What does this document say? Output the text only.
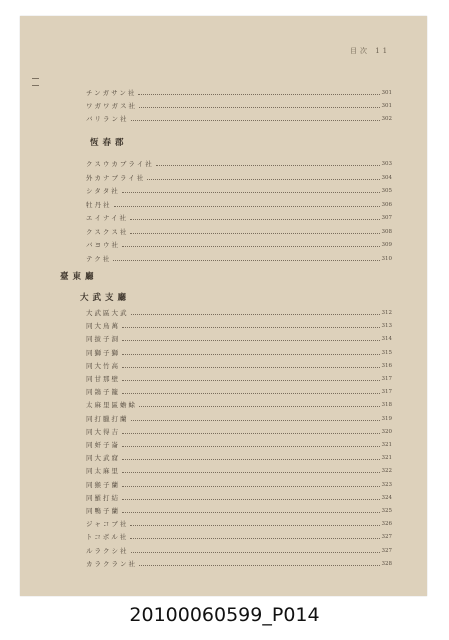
目次 11
恆春郡
臺東廳
大武支廳
チンガサン社	301
ワガワガス社	301
バリラン社	302
クスウカブライ社	303
外カナブライ社	304
シタタ社	305
牡丹社	306
エイナイ社	307
クスクス社	308
バヨウ社	309
テク社	310
大武區大武	312
同大鳥萬	313
同拔子洞	314
同獅子獅	315
同大竹高	316
同甘那壁	317
同鴿子籠	317
太麻里區蟾蜍	318
同打臘打蘭	319
同大得吉	320
同虷子崙	321
同大武窟	321
同太麻里	322
同猴子蘭	323
同羅打結	324
同鴨子蘭	325
ジャコブ社	326
トコボル社	327
ルラクシ社	327
カラクラン社	328
20100060599_P014
